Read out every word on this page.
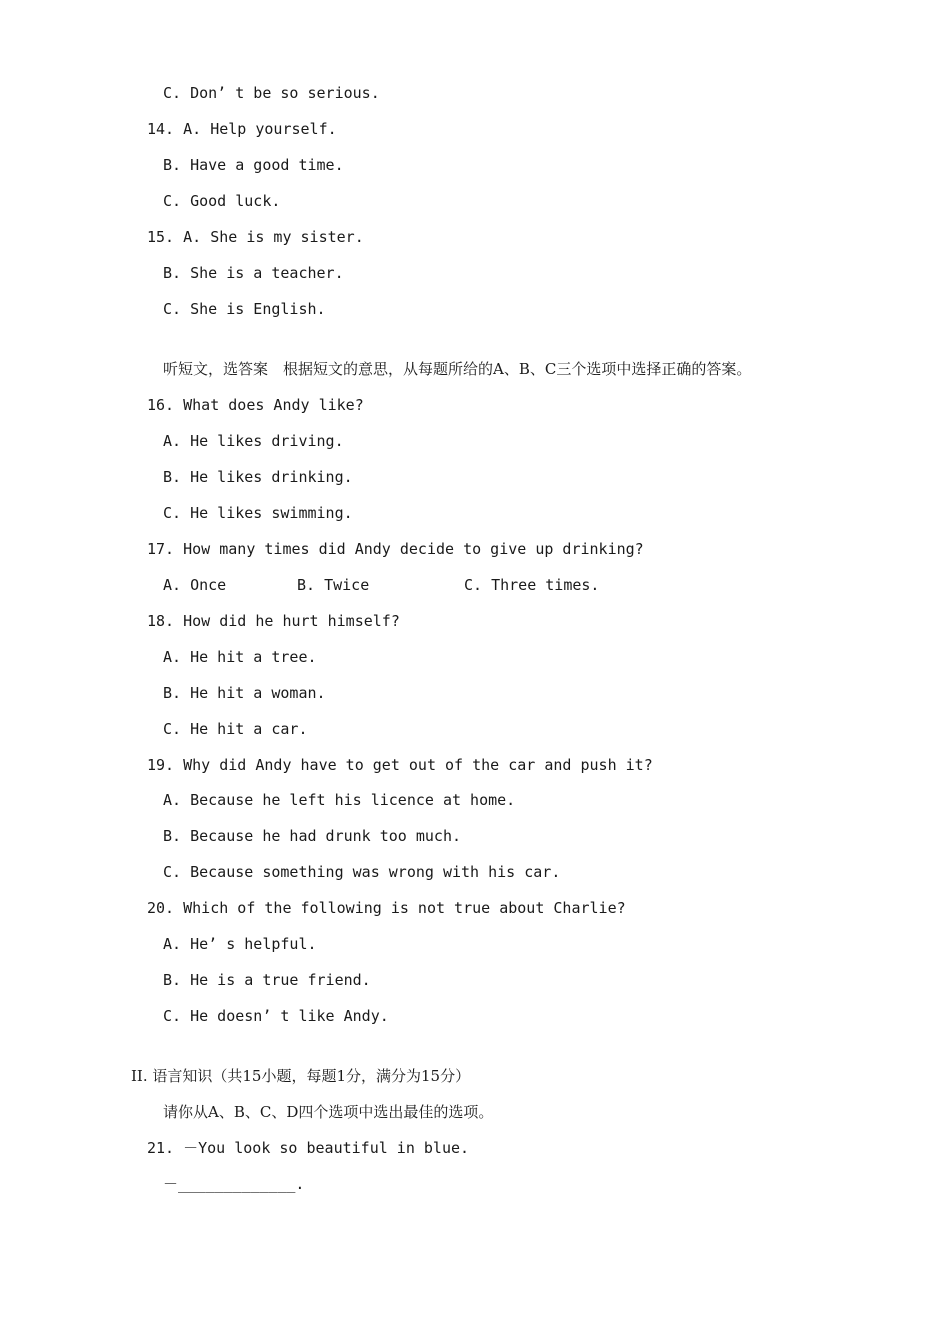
C. Don’ t be so serious.
14. A. Help yourself.
B. Have a good time.
C. Good luck.
15. A. She is my sister.
B. She is a teacher.
C. She is English.
听短文，选答案　根据短文的意思，从每题所给的A、B、C三个选项中选择正确的答案。
16. What does Andy like?
A. He likes driving.
B. He likes drinking.
C. He likes swimming.
17. How many times did Andy decide to give up drinking?
A. Once	B. Twice	C. Three times.
18. How did he hurt himself?
A. He hit a tree.
B. He hit a woman.
C. He hit a car.
19. Why did Andy have to get out of the car and push it?
A. Because he left his licence at home.
B. Because he had drunk too much.
C. Because something was wrong with his car.
20. Which of the following is not true about Charlie?
A. He’ s helpful.
B. He is a true friend.
C. He doesn’ t like Andy.
II. 语言知识（共15小题，每题1分，满分为15分）
请你从A、B、C、D四个选项中选出最佳的选项。
21. －You look so beautiful in blue.
－_____________.
